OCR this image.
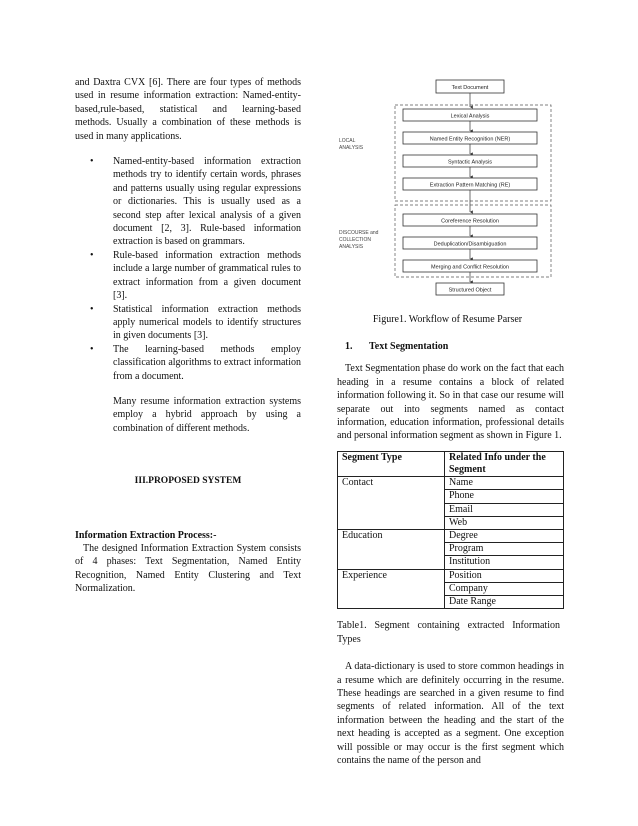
and Daxtra CVX [6]. There are four types of methods used in resume information extraction: Named-entity-based,rule-based, statistical and learning-based methods. Usually a combination of these methods is used in many applications.

• Named-entity-based information extraction methods try to identify certain words, phrases and patterns usually using regular expressions or dictionaries. This is usually used as a second step after lexical analysis of a given document [2, 3]. Rule-based information extraction is based on grammars.
• Rule-based information extraction methods include a large number of grammatical rules to extract information from a given document [3].
• Statistical information extraction methods apply numerical models to identify structures in given documents [3].
• The learning-based methods employ classification algorithms to extract information from a document.

Many resume information extraction systems employ a hybrid approach by using a combination of different methods.

III.PROPOSED SYSTEM

Information Extraction Process:-

The designed Information Extraction System consists of 4 phases: Text Segmentation, Named Entity Recognition, Named Entity Clustering and Text Normalization.

Text Document
LOCAL
ANALYSIS
Lexical Analysis
Named Entity Recognition (NER)
Syntactic Analysis
Extraction Pattern Matching (RE)
DISCOURSE and
COLLECTION
ANALYSIS
Coreference Resolution
Deduplication/Disambiguation
Merging and Conflict Resolution
Structured Object
Figure1. Workflow of Resume Parser
1. Text Segmentation

Text Segmentation phase do work on the fact that each heading in a resume contains a block of related information following it. So in that case our resume will separate out into segments named as contact information, education information, professional details and personal information segment as shown in Figure 1.

Segment Type	Related Info under the Segment
Contact	Name
	Phone
	Email
	Web
Education	Degree
	Program
	Institution
Experience	Position
	Company
	Date Range

Table1. Segment containing extracted Information Types

A data-dictionary is used to store common headings in a resume which are definitely occurring in the resume. These headings are searched in a given resume to find segments of related information. All of the text information between the heading and the start of the next heading is accepted as a segment. One exception will possible or may occur is the first segment which contains the name of the person and
